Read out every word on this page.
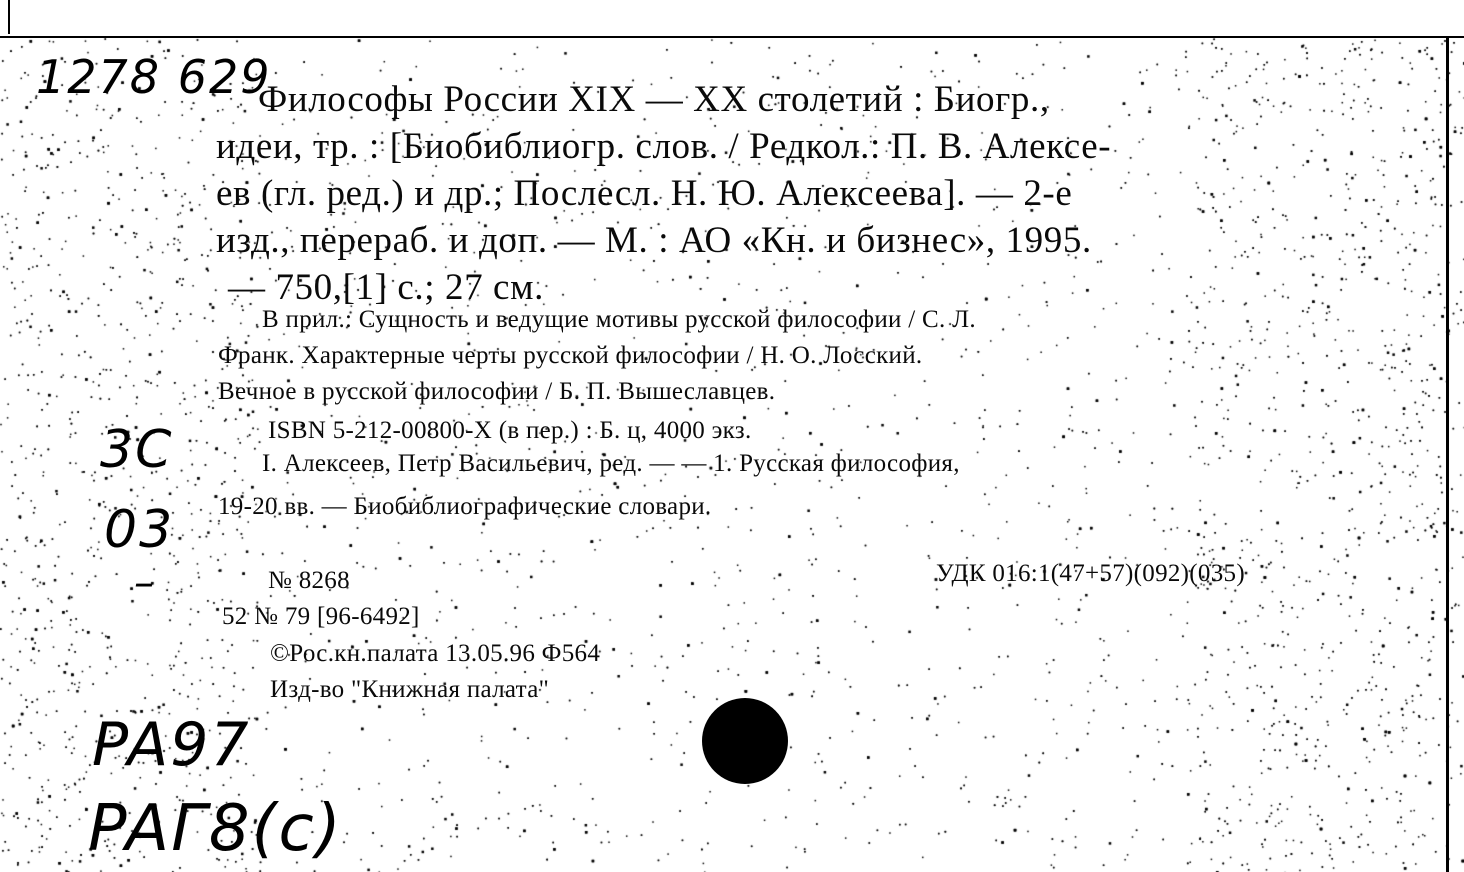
1278 629
3C
03
–
PA97
PAГ8(c)
Философы России XIX — XX столетий : Биогр.,
идеи, тр. : [Биобиблиогр. слов. / Редкол.: П. В. Алексе-
ев (гл. ред.) и др.; Послесл. Н. Ю. Алексеева]. — 2-е
изд., перераб. и доп. — М. : АО «Кн. и бизнес», 1995.
— 750,[1] с.; 27 см.
В прил.: Сущность и ведущие мотивы русской философии / С. Л.
Франк. Характерные черты русской философии / Н. О. Лосский.
Вечное в русской философии / Б. П. Вышеславцев.
ISBN 5-212-00800-X (в пер.) : Б. ц, 4000 экз.
I. Алексеев, Петр Васильевич, ред. — — 1. Русская философия,
19-20 вв. — Биобиблиографические словари.
№ 8268	УДК 016:1(47+57)(092)(035)
52 № 79 [96-6492]
©Рос.кн.палата 13.05.96 Ф564
Изд-во "Книжная палата"
